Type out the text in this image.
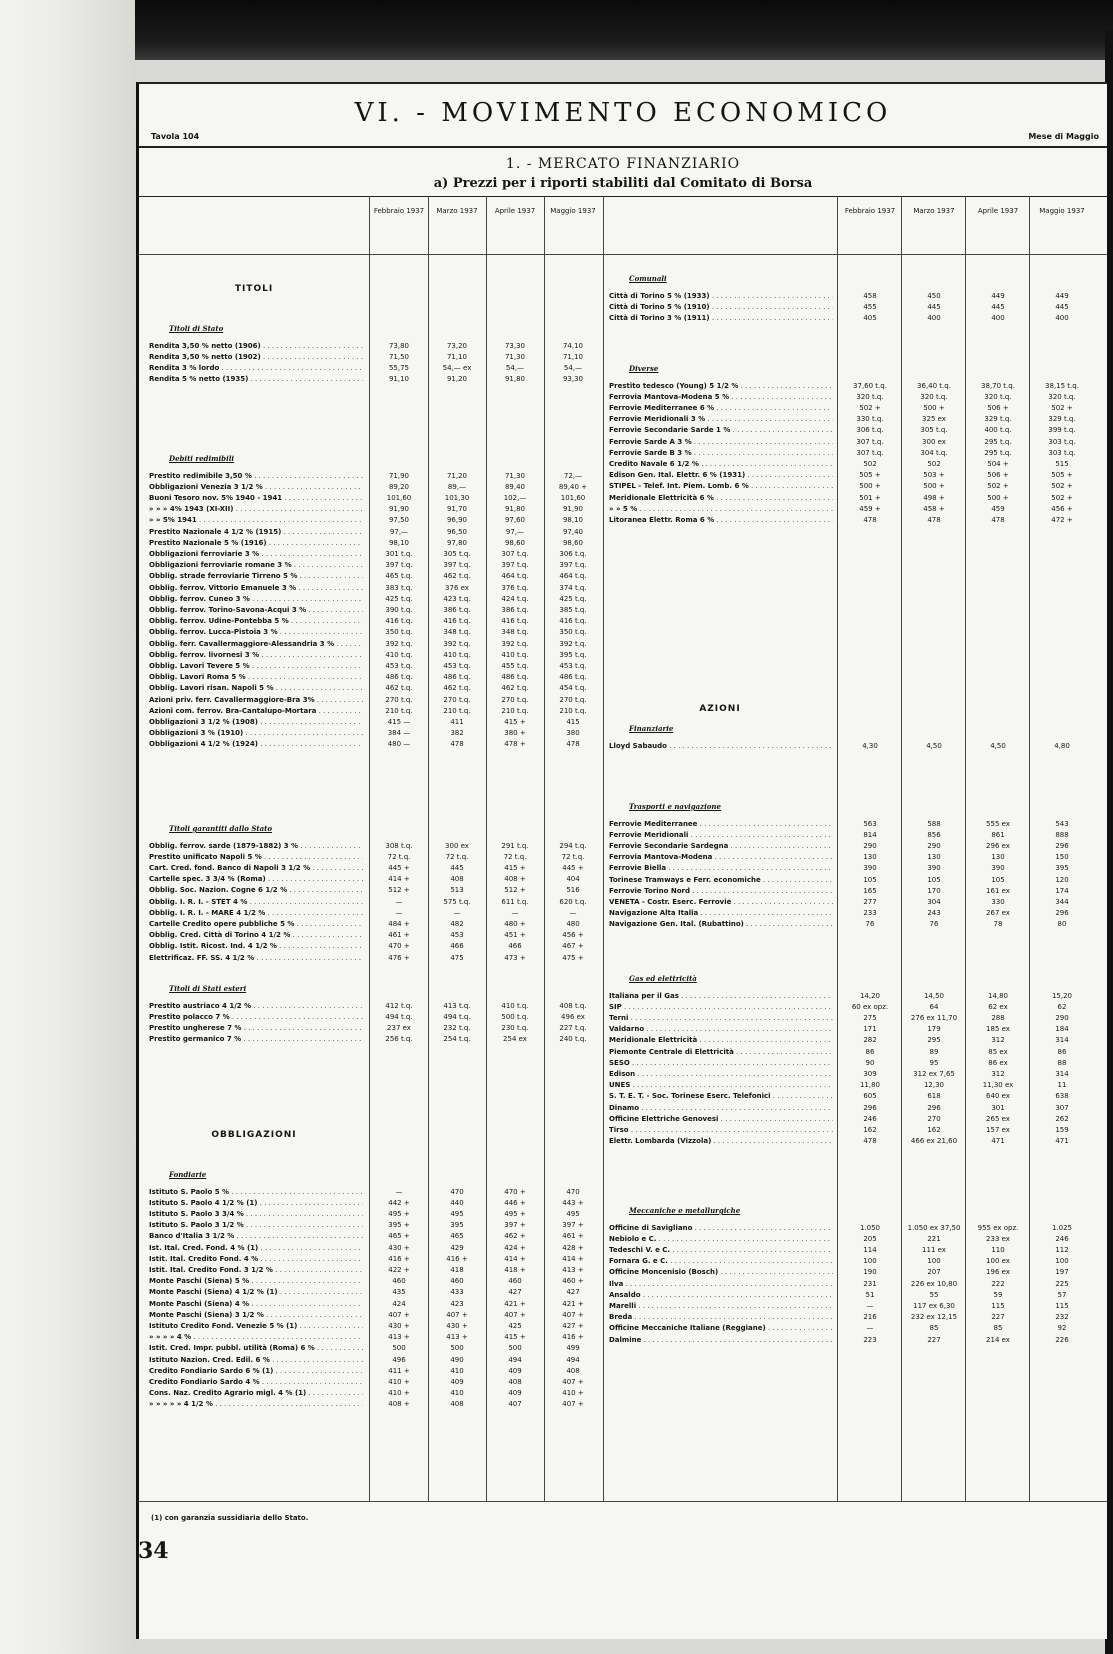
VI. - MOVIMENTO ECONOMICO
Tavola 104	Mese di Maggio
1. - MERCATO FINANZIARIO
a) Prezzi per i riporti stabiliti dal Comitato di Borsa
Febbraio 1937	Marzo 1937	Aprile 1937	Maggio 1937	Febbraio 1937	Marzo 1937	Aprile 1937	Maggio 1937
TITOLI
OBBLIGAZIONI
AZIONI
Titoli di Stato
Rendita 3,50 % netto (1906) . . .	73,80	73,20	73,30	74,10
Rendita 3,50 % netto (1902) . . .	71,50	71,10	71,30	71,10
Rendita 3 % lordo . . .	55,75	54,— ex	54,—	54,—
Rendita 5 % netto (1935) . . .	91,10	91,20	91,80	93,30
Debiti redimibili
Prestito redimibile 3,50 % . . .	71,90	71,20	71,30	72,—
Obbligazioni Venezia 3 1/2 % . . .	89,20	89,—	89,40	89,40 +
Buoni Tesoro nov. 5% 1940 - 1941 . . .	101,60	101,30	102,—	101,60
» » » 4% 1943 (XI-XII) . . .	91,90	91,70	91,80	91,90
» » 5% 1941 . . .	97,50	96,90	97,60	98,10
Prestito Nazionale 4 1/2 % (1915) . . .	97,—	96,50	97,—	97,40
Prestito Nazionale 5 % (1916) . . .	98,10	97,80	98,60	98,60
Obbligazioni ferroviarie 3 % . . .	301 t.q.	305 t.q.	307 t.q.	306 t.q.
Obbligazioni ferroviarie romane 3 % . . .	397 t.q.	397 t.q.	397 t.q.	397 t.q.
Obblig. strade ferroviarie Tirreno 5 % . . .	465 t.q.	462 t.q.	464 t.q.	464 t.q.
Obblig. ferrov. Vittorio Emanuele 3 % . . .	383 t.q.	376 ex	376 t.q.	374 t.q.
Obblig. ferrov. Cuneo 3 % . . .	425 t.q.	423 t.q.	424 t.q.	425 t.q.
Obblig. ferrov. Torino-Savona-Acqui 3 % . . .	390 t.q.	386 t.q.	386 t.q.	385 t.q.
Obblig. ferrov. Udine-Pontebba 5 % . . .	416 t.q.	416 t.q.	416 t.q.	416 t.q.
Obblig. ferrov. Lucca-Pistoia 3 % . . .	350 t.q.	348 t.q.	348 t.q.	350 t.q.
Obblig. ferr. Cavallermaggiore-Alessandria 3 % . . .	392 t.q.	392 t.q.	392 t.q.	392 t.q.
Obblig. ferrov. livornesi 3 % . . .	410 t.q.	410 t.q.	410 t.q.	395 t.q.
Obblig. Lavori Tevere 5 % . . .	453 t.q.	453 t.q.	455 t.q.	453 t.q.
Obblig. Lavori Roma 5 % . . .	486 t.q.	486 t.q.	486 t.q.	486 t.q.
Obblig. Lavori risan. Napoli 5 % . . .	462 t.q.	462 t.q.	462 t.q.	454 t.q.
Azioni priv. ferr. Cavallermaggiore-Bra 3% . . .	270 t.q.	270 t.q.	270 t.q.	270 t.q.
Azioni com. ferrov. Bra-Cantalupo-Mortara . . .	210 t.q.	210 t.q.	210 t.q.	210 t.q.
Obbligazioni 3 1/2 % (1908) . . .	415 —	411	415 +	415
Obbligazioni 3 % (1910) . . .	384 —	382	380 +	380
Obbligazioni 4 1/2 % (1924) . . .	480 —	478	478 +	478
Titoli garantiti dallo Stato
Obblig. ferrov. sarde (1879-1882) 3 % . . .	308 t.q.	300 ex	291 t.q.	294 t.q.
Prestito unificato Napoli 5 % . . .	72 t.q.	72 t.q.	72 t.q.	72 t.q.
Cart. Cred. fond. Banco di Napoli 3 1/2 % . . .	445 +	445	415 +	445 +
Cartelle spec. 3 3/4 % (Roma) . . .	414 +	408	408 +	404
Obblig. Soc. Nazion. Cogne 6 1/2 % . . .	512 +	513	512 +	516
Obblig. I. R. I. - STET 4 % . . .	—	575 t.q.	611 t.q.	620 t.q.
Obblig. I. R. I. - MARE 4 1/2 % . . .	—	—	—	—
Cartelle Credito opere pubbliche 5 % . . .	484 +	482	480 +	480
Obblig. Cred. Città di Torino 4 1/2 % . . .	461 +	453	451 +	456 +
Obblig. Istit. Ricost. Ind. 4 1/2 % . . .	470 +	466	466	467 +
Elettrificaz. FF. SS. 4 1/2 % . . .	476 +	475	473 +	475 +
Titoli di Stati esteri
Prestito austriaco 4 1/2 % . . .	412 t.q.	413 t.q.	410 t.q.	408 t.q.
Prestito polacco 7 % . . .	494 t.q.	494 t.q.	500 t.q.	496 ex
Prestito ungherese 7 % . . .	237 ex	232 t.q.	230 t.q.	227 t.q.
Prestito germanico 7 % . . .	256 t.q.	254 t.q.	254 ex	240 t.q.
Fondiarie
Istituto S. Paolo 5 % . . .	—	470	470 +	470
Istituto S. Paolo 4 1/2 % (1) . . .	442 +	440	446 +	443 +
Istituto S. Paolo 3 3/4 % . . .	495 +	495	495 +	495
Istituto S. Paolo 3 1/2 % . . .	395 +	395	397 +	397 +
Banco d'Italia 3 1/2 % . . .	465 +	465	462 +	461 +
Ist. Ital. Cred. Fond. 4 % (1) . . .	430 +	429	424 +	428 +
Istit. Ital. Credito Fond. 4 % . . .	416 +	416 +	414 +	414 +
Istit. Ital. Credito Fond. 3 1/2 % . . .	422 +	418	418 +	413 +
Monte Paschi (Siena) 5 % . . .	460	460	460	460 +
Monte Paschi (Siena) 4 1/2 % (1) . . .	435	433	427	427
Monte Paschi (Siena) 4 % . . .	424	423	421 +	421 +
Monte Paschi (Siena) 3 1/2 % . . .	407 +	407 +	407 +	407 +
Istituto Credito Fond. Venezie 5 % (1) . . .	430 +	430 +	425	427 +
» » » » 4 % . . .	413 +	413 +	415 +	416 +
Istit. Cred. Impr. pubbl. utilità (Roma) 6 % . . .	500	500	500	499
Istituto Nazion. Cred. Edil. 6 % . . .	496	490	494	494
Credito Fondiario Sardo 6 % (1) . . .	411 +	410	409	408
Credito Fondiario Sardo 4 % . . .	410 +	409	408	407 +
Cons. Naz. Credito Agrario migl. 4 % (1) . . .	410 +	410	409	410 +
» » » » » 4 1/2 % . . .	408 +	408	407	407 +
Comunali
Città di Torino 5 % (1933) . . .	458	450	449	449
Città di Torino 5 % (1910) . . .	455	445	445	445
Città di Torino 3 % (1911) . . .	405	400	400	400
Diverse
Prestito tedesco (Young) 5 1/2 % . . .	37,60 t.q.	36,40 t.q.	38,70 t.q.	38,15 t.q.
Ferrovia Mantova-Modena 5 % . . .	320 t.q.	320 t.q.	320 t.q.	320 t.q.
Ferrovie Mediterranee 6 % . . .	502 +	500 +	506 +	502 +
Ferrovie Meridionali 3 % . . .	330 t.q.	325 ex	329 t.q.	329 t.q.
Ferrovie Secondarie Sarde 1 % . . .	306 t.q.	305 t.q.	400 t.q.	399 t.q.
Ferrovie Sarde A 3 % . . .	307 t.q.	300 ex	295 t.q.	303 t.q.
Ferrovie Sarde B 3 % . . .	307 t.q.	304 t.q.	295 t.q.	303 t.q.
Credito Navale 6 1/2 % . . .	502	502	504 +	515
Edison Gen. Ital. Elettr. 6 % (1931) . . .	505 +	503 +	506 +	505 +
STIPEL - Telef. Int. Piem. Lomb. 6 % . . .	500 +	500 +	502 +	502 +
Meridionale Elettricità 6 % . . .	501 +	498 +	500 +	502 +
» » 5 % . . .	459 +	458 +	459	456 +
Litoranea Elettr. Roma 6 % . . .	478	478	478	472 +
Finanziarie
Lloyd Sabaudo . . .	4,30	4,50	4,50	4,80
Trasporti e navigazione
Ferrovie Mediterranee . . .	563	588	555 ex	543
Ferrovie Meridionali . . .	814	856	861	888
Ferrovie Secondarie Sardegna . . .	290	290	296 ex	296
Ferrovia Mantova-Modena . . .	130	130	130	150
Ferrovie Biella . . .	390	390	390	395
Torinese Tramways e Ferr. economiche . . .	105	105	105	120
Ferrovie Torino Nord . . .	165	170	161 ex	174
VENETA - Costr. Eserc. Ferrovie . . .	277	304	330	344
Navigazione Alta Italia . . .	233	243	267 ex	296
Navigazione Gen. Ital. (Rubattino) . . .	76	76	78	80
Gas ed elettricità
Italiana per il Gas . . .	14,20	14,50	14,80	15,20
SIP . . .	60 ex opz.	64	62 ex	62
Terni . . .	275	276 ex 11,70	288	290
Valdarno . . .	171	179	185 ex	184
Meridionale Elettricità . . .	282	295	312	314
Piemonte Centrale di Elettricità . . .	86	89	85 ex	86
SESO . . .	90	95	86 ex	88
Edison . . .	309	312 ex 7,65	312	314
UNES . . .	11,80	12,30	11,30 ex	11
S. T. E. T. - Soc. Torinese Eserc. Telefonici . . .	605	618	640 ex	638
Dinamo . . .	296	296	301	307
Officine Elettriche Genovesi . . .	246	270	265 ex	262
Tirso . . .	162	162	157 ex	159
Elettr. Lombarda (Vizzola) . . .	478	466 ex 21,60	471	471
Meccaniche e metallurgiche
Officine di Savigliano . . .	1.050	1.050 ex 37,50	955 ex opz.	1.025
Nebiolo e C. . . .	205	221	233 ex	246
Tedeschi V. e C. . . .	114	111 ex	110	112
Fornara G. e C. . . .	100	100	100 ex	100
Officine Moncenisio (Bosch) . . .	190	207	196 ex	197
Ilva . . .	231	226 ex 10,80	222	225
Ansaldo . . .	51	55	59	57
Marelli . . .	—	117 ex 6,30	115	115
Breda . . .	216	232 ex 12,15	227	232
Officine Meccaniche Italiane (Reggiane) . . .	—	85	85	92
Dalmine . . .	223	227	214 ex	226
(1) con garanzia sussidiaria dello Stato.
34
